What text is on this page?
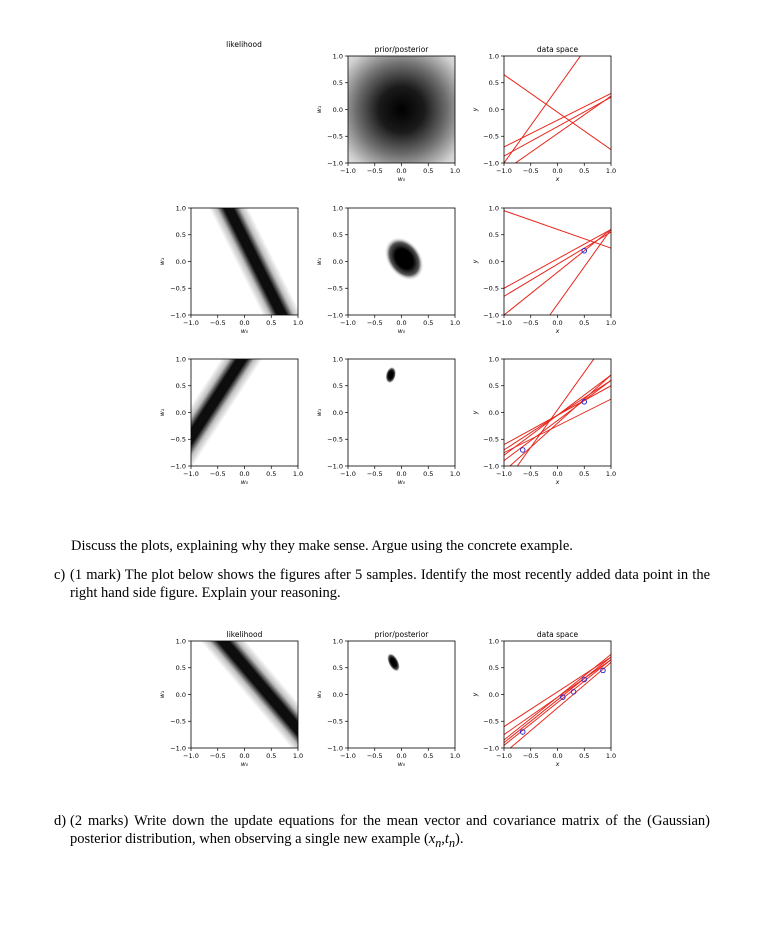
−1.0
−1.0
−0.5
−0.5
0.0
0.0
0.5
0.5
1.0
1.0
w₀
w₁
prior/posterior
−1.0
−1.0
−0.5
−0.5
0.0
0.0
0.5
0.5
1.0
1.0
x
y
data space
−1.0
−1.0
−0.5
−0.5
0.0
0.0
0.5
0.5
1.0
1.0
w₀
w₁
−1.0
−1.0
−0.5
−0.5
0.0
0.0
0.5
0.5
1.0
1.0
w₀
w₁
−1.0
−1.0
−0.5
−0.5
0.0
0.0
0.5
0.5
1.0
1.0
x
y
−1.0
−1.0
−0.5
−0.5
0.0
0.0
0.5
0.5
1.0
1.0
w₀
w₁
−1.0
−1.0
−0.5
−0.5
0.0
0.0
0.5
0.5
1.0
1.0
w₀
w₁
−1.0
−1.0
−0.5
−0.5
0.0
0.0
0.5
0.5
1.0
1.0
x
y
−1.0
−1.0
−0.5
−0.5
0.0
0.0
0.5
0.5
1.0
1.0
w₀
w₁
likelihood
−1.0
−1.0
−0.5
−0.5
0.0
0.0
0.5
0.5
1.0
1.0
w₀
w₁
prior/posterior
−1.0
−1.0
−0.5
−0.5
0.0
0.0
0.5
0.5
1.0
1.0
x
y
data space
likelihood

Discuss the plots, explaining why they make sense. Argue using the concrete example.

c) (1 mark) The plot below shows the figures after 5 samples. Identify the most recently added data point in the right hand side figure. Explain your reasoning.
d) (2 marks) Write down the update equations for the mean vector and covariance matrix of the (Gaussian) posterior distribution, when observing a single new example $(x_n,t_n)$.
